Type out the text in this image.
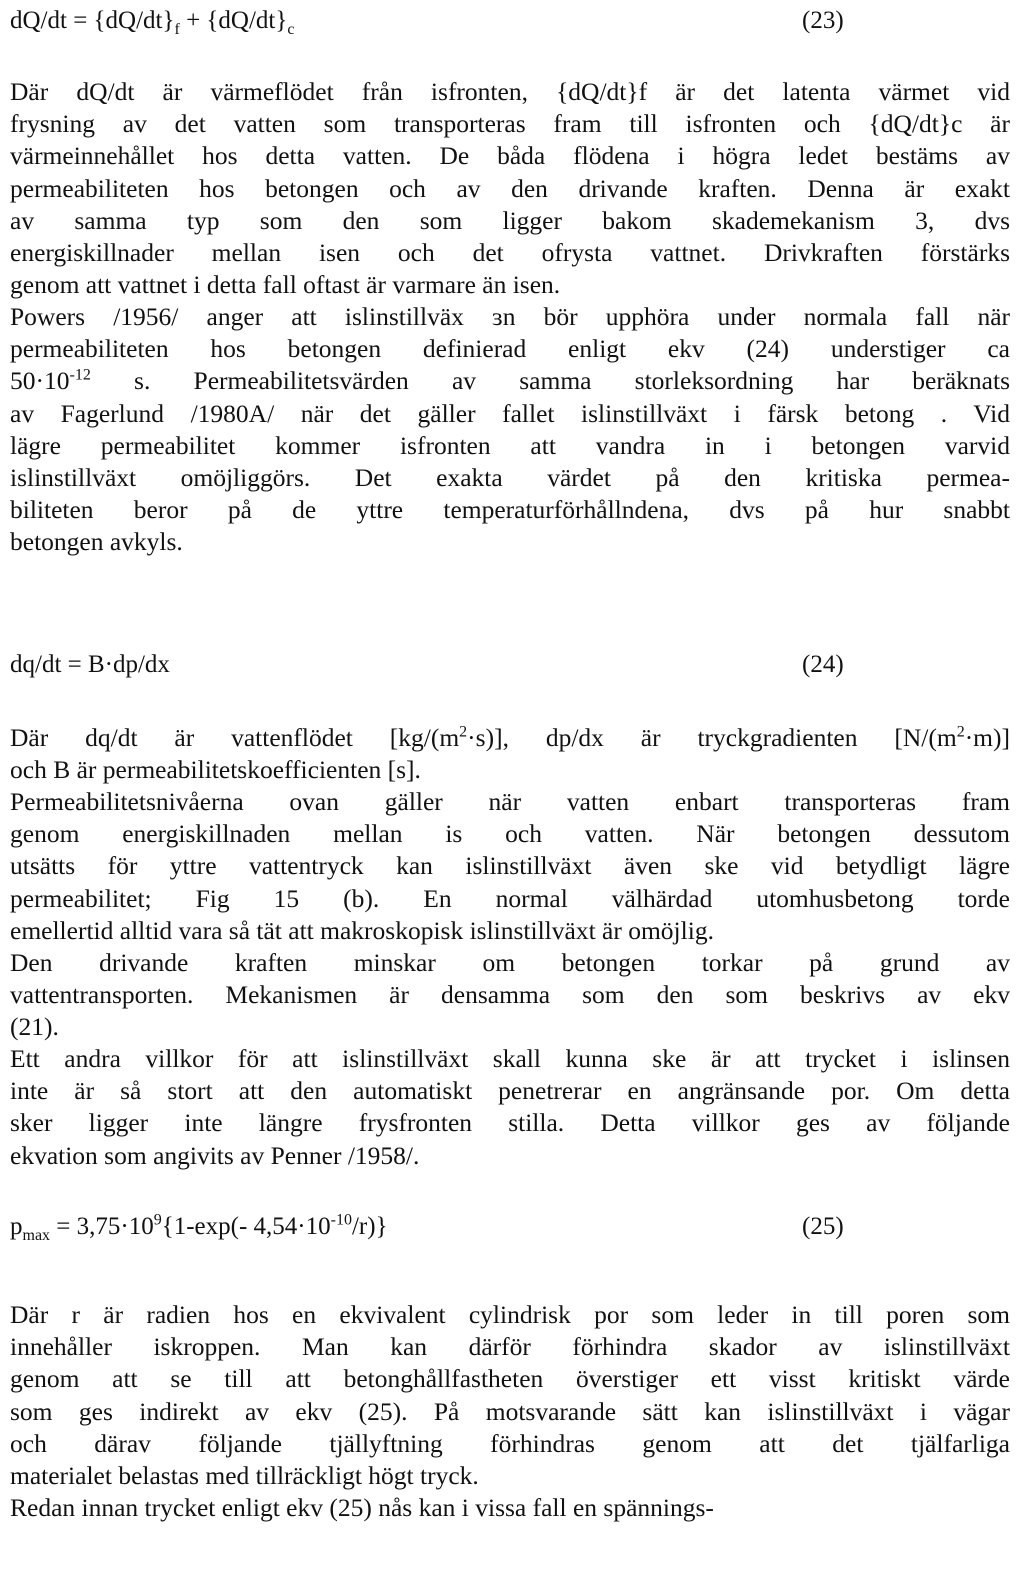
$dQ/dt = \{dQ/dt\}_f + \{dQ/dt\}_c$	(23)
Där dQ/dt är värmeflödet från isfronten, {dQ/dt}f är det latenta värmet vid
frysning av det vatten som transporteras fram till isfronten och {dQ/dt}c är
värmeinnehållet hos detta vatten. De båda flödena i högra ledet bestäms av
permeabiliteten hos betongen och av den drivande kraften. Denna är exakt
av samma typ som den som ligger bakom skademekanism 3, dvs
energiskillnader mellan isen och det ofrysta vattnet. Drivkraften förstärks
genom att vattnet i detta fall oftast är varmare än isen.
Powers /1956/ anger att islinstillväx ɜn bör upphöra under normala fall när
permeabiliteten hos betongen definierad enligt ekv (24) understiger ca
$50\cdot 10^{-12}$ s. Permeabilitetsvärden av samma storleksordning har beräknats
av Fagerlund /1980A/ när det gäller fallet islinstillväxt i färsk betong . Vid
lägre permeabilitet kommer isfronten att vandra in i betongen varvid
islinstillväxt omöjliggörs. Det exakta värdet på den kritiska permea-
biliteten beror på de yttre temperaturförhållndena, dvs på hur snabbt
betongen avkyls.
dq/dt = B·dp/dx	(24)
Där dq/dt är vattenflödet $[kg/(m^2\cdot s)]$, dp/dx är tryckgradienten $[N/(m^2\cdot m)]$
och B är permeabilitetskoefficienten [s].
Permeabilitetsnivåerna ovan gäller när vatten enbart transporteras fram
genom energiskillnaden mellan is och vatten. När betongen dessutom
utsätts för yttre vattentryck kan islinstillväxt även ske vid betydligt lägre
permeabilitet; Fig 15 (b). En normal välhärdad utomhusbetong torde
emellertid alltid vara så tät att makroskopisk islinstillväxt är omöjlig.
Den drivande kraften minskar om betongen torkar på grund av
vattentransporten. Mekanismen är densamma som den som beskrivs av ekv
(21).
Ett andra villkor för att islinstillväxt skall kunna ske är att trycket i islinsen
inte är så stort att den automatiskt penetrerar en angränsande por. Om detta
sker ligger inte längre frysfronten stilla. Detta villkor ges av följande
ekvation som angivits av Penner /1958/.
$p_{max} = 3,75\cdot 10^9\{1-\exp(-$ $4,54\cdot 10^{-10}/r$)}	(25)
Där r är radien hos en ekvivalent cylindrisk por som leder in till poren som
innehåller iskroppen. Man kan därför förhindra skador av islinstillväxt
genom att se till att betonghållfastheten överstiger ett visst kritiskt värde
som ges indirekt av ekv (25). På motsvarande sätt kan islinstillväxt i vägar
och därav följande tjällyftning förhindras genom att det tjälfarliga
materialet belastas med tillräckligt högt tryck.
Redan innan trycket enligt ekv (25) nås kan i vissa fall en spännings-
